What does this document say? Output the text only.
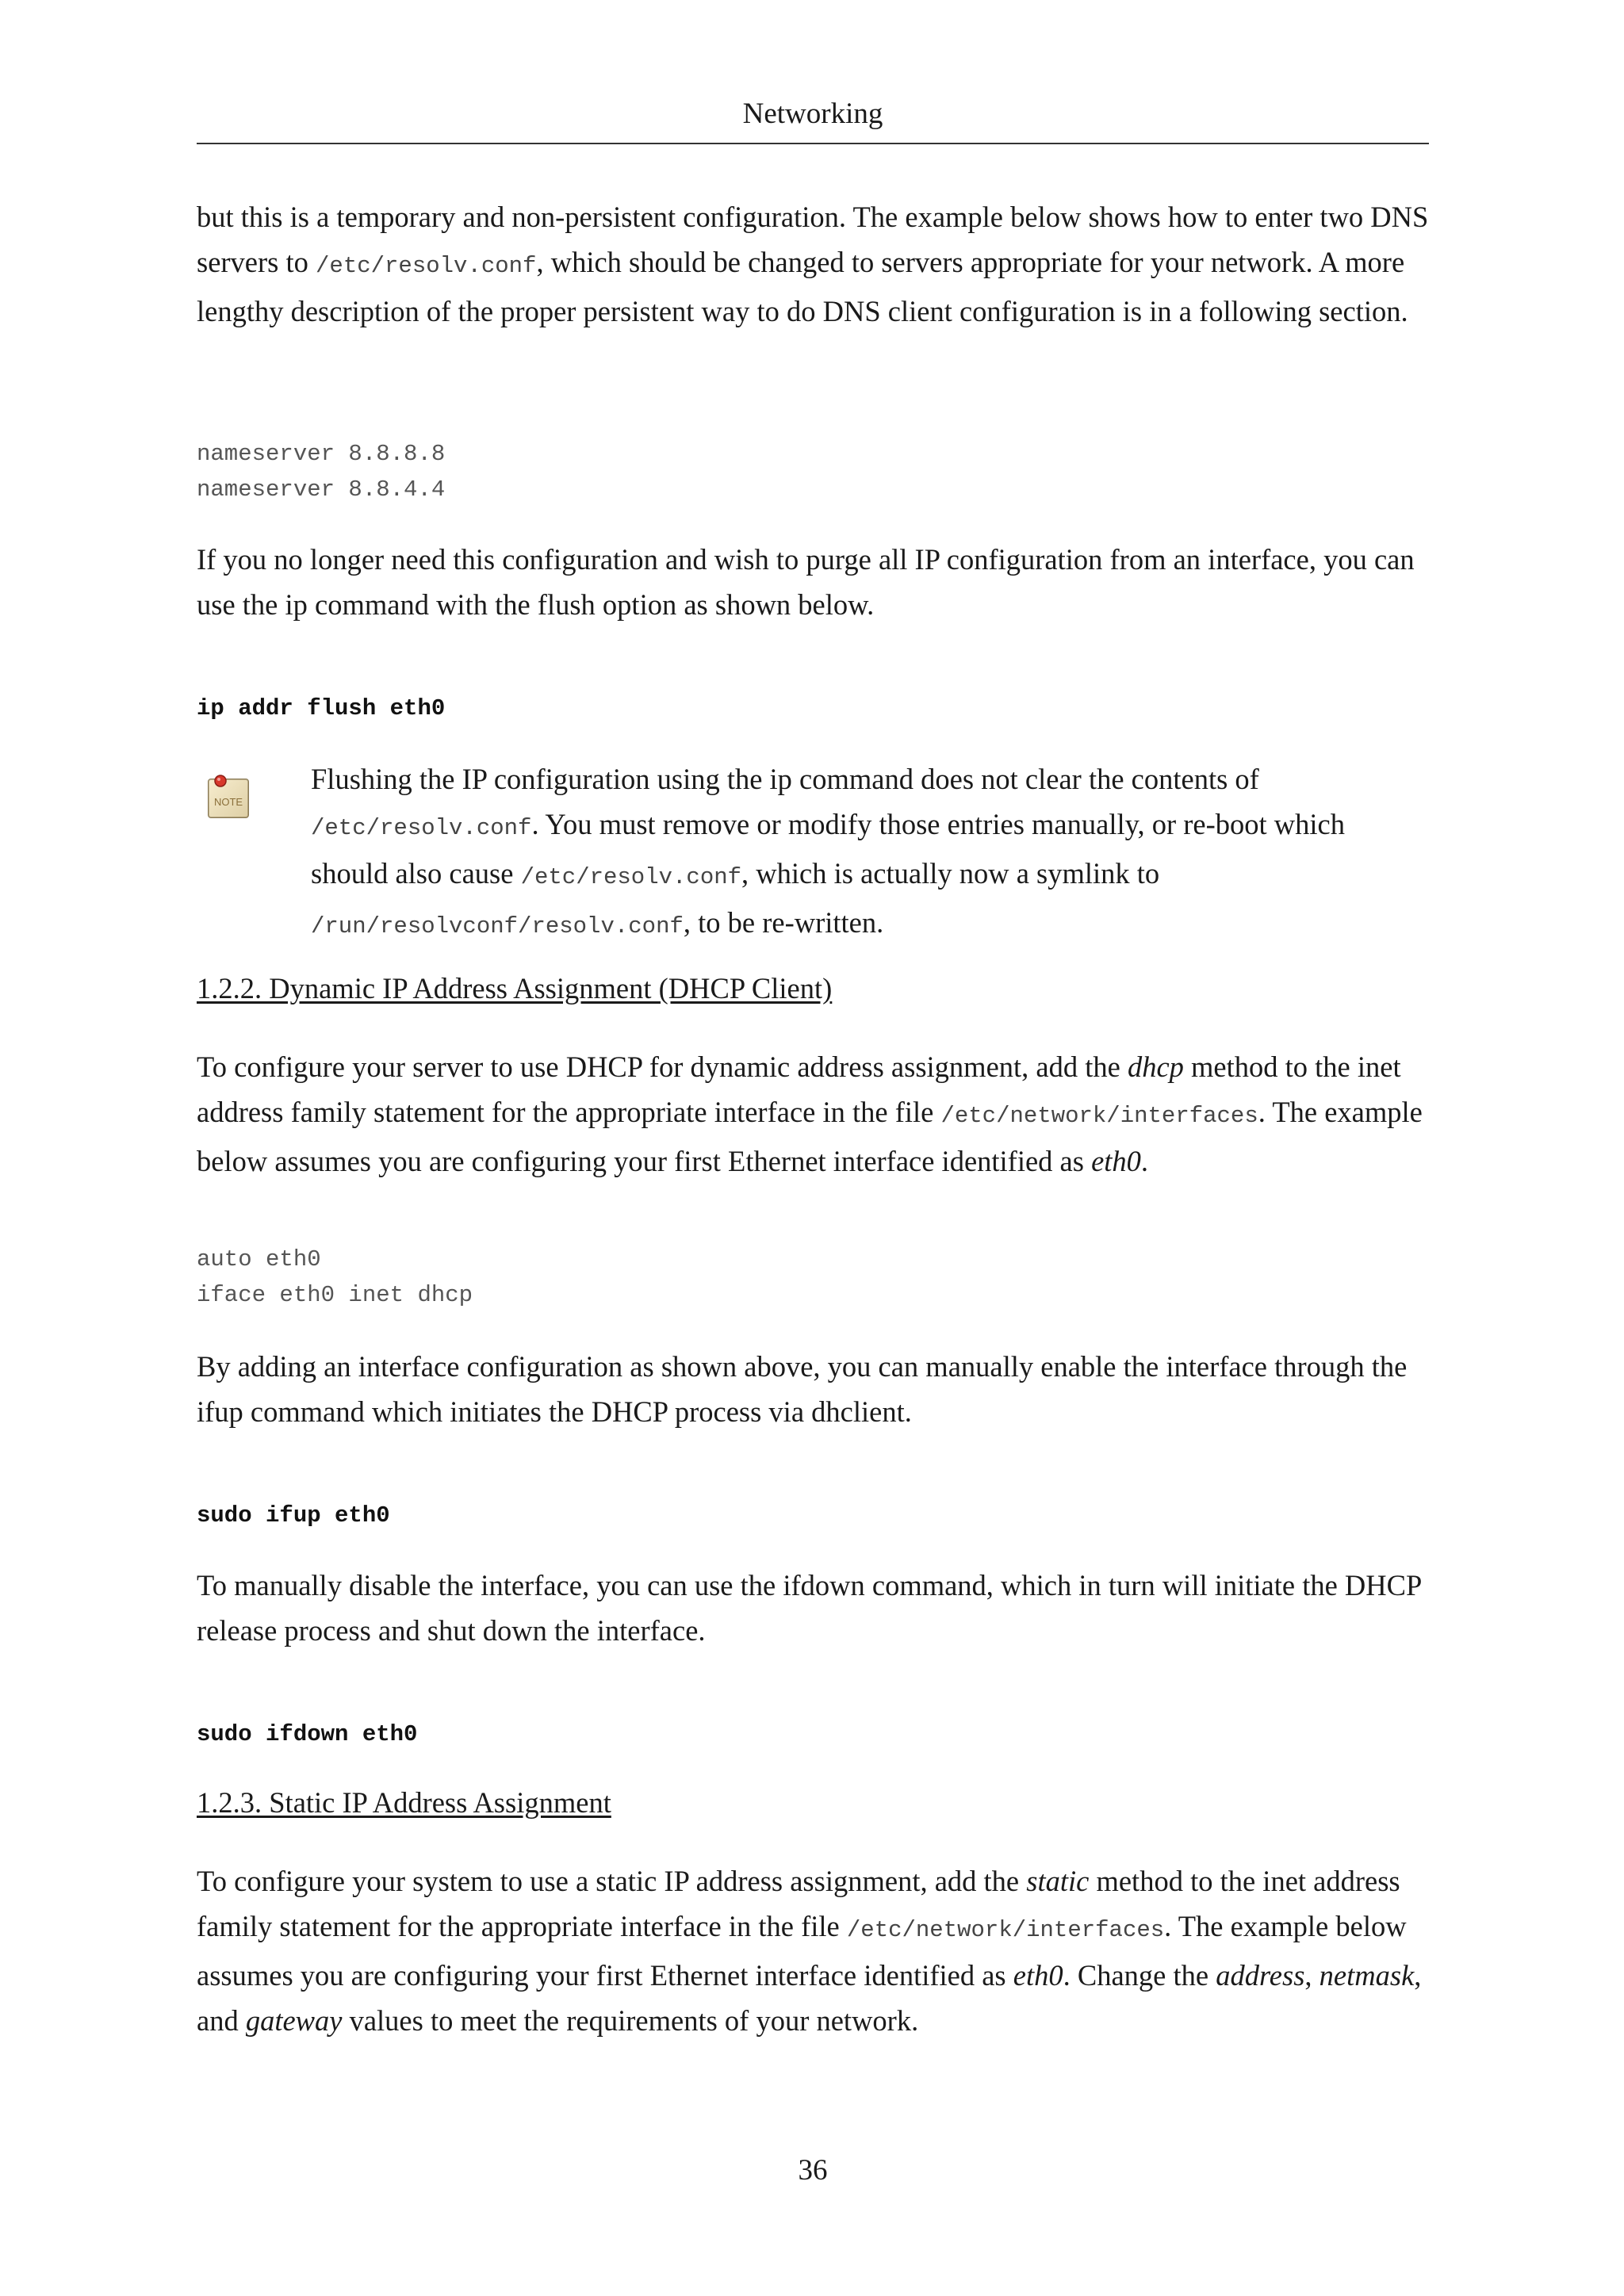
Networking

but this is a temporary and non-persistent configuration. The example below shows how to enter two DNS servers to /etc/resolv.conf, which should be changed to servers appropriate for your network. A more lengthy description of the proper persistent way to do DNS client configuration is in a following section.

nameserver 8.8.8.8
nameserver 8.8.4.4

If you no longer need this configuration and wish to purge all IP configuration from an interface, you can use the ip command with the flush option as shown below.

ip addr flush eth0
NOTE

Flushing the IP configuration using the ip command does not clear the contents of /etc/resolv.conf. You must remove or modify those entries manually, or re-boot which should also cause /etc/resolv.conf, which is actually now a symlink to /run/resolvconf/resolv.conf, to be re-written.

1.2.2. Dynamic IP Address Assignment (DHCP Client)

To configure your server to use DHCP for dynamic address assignment, add the dhcp method to the inet address family statement for the appropriate interface in the file /etc/network/interfaces. The example below assumes you are configuring your first Ethernet interface identified as eth0.

auto eth0
iface eth0 inet dhcp

By adding an interface configuration as shown above, you can manually enable the interface through the ifup command which initiates the DHCP process via dhclient.

sudo ifup eth0

To manually disable the interface, you can use the ifdown command, which in turn will initiate the DHCP release process and shut down the interface.

sudo ifdown eth0
1.2.3. Static IP Address Assignment

To configure your system to use a static IP address assignment, add the static method to the inet address family statement for the appropriate interface in the file /etc/network/interfaces. The example below assumes you are configuring your first Ethernet interface identified as eth0. Change the address, netmask, and gateway values to meet the requirements of your network.

36
